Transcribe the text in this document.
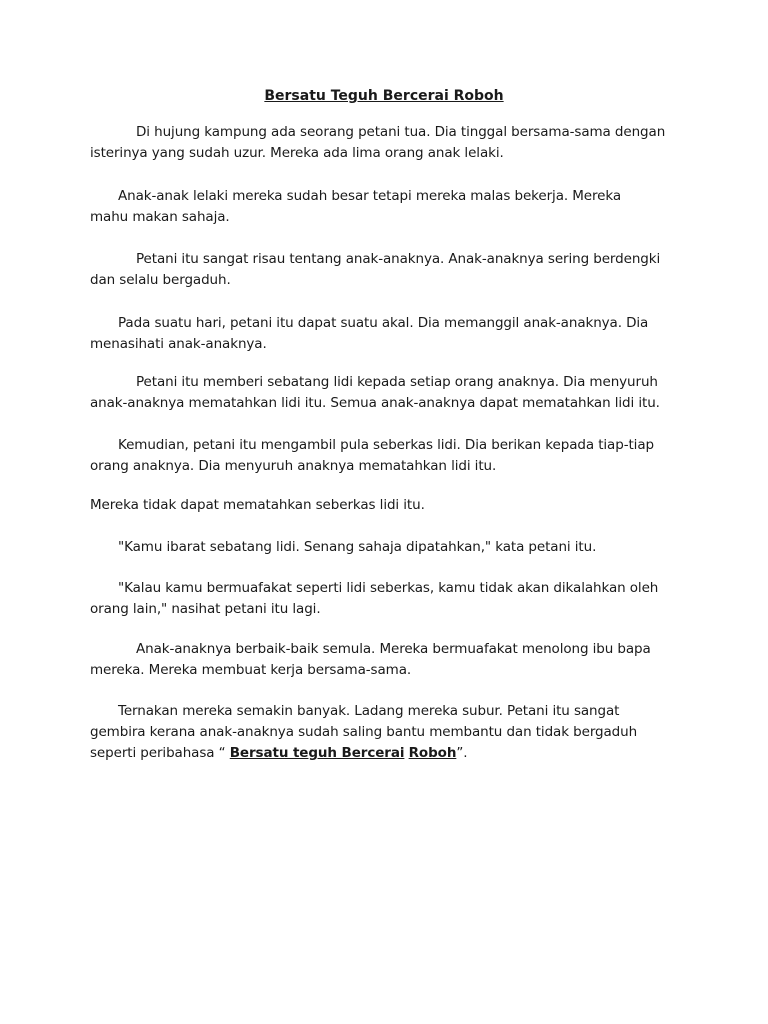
Bersatu Teguh Bercerai Roboh

Di hujung kampung ada seorang petani tua. Dia tinggal bersama-sama dengan
isterinya yang sudah uzur. Mereka ada lima orang anak lelaki.

Anak-anak lelaki mereka sudah besar tetapi mereka malas bekerja. Mereka
mahu makan sahaja.

Petani itu sangat risau tentang anak-anaknya. Anak-anaknya sering berdengki
dan selalu bergaduh.

Pada suatu hari, petani itu dapat suatu akal. Dia memanggil anak-anaknya. Dia
menasihati anak-anaknya.

Petani itu memberi sebatang lidi kepada setiap orang anaknya. Dia menyuruh
anak-anaknya mematahkan lidi itu. Semua anak-anaknya dapat mematahkan lidi itu.

Kemudian, petani itu mengambil pula seberkas lidi. Dia berikan kepada tiap-tiap
orang anaknya. Dia menyuruh anaknya mematahkan lidi itu.

Mereka tidak dapat mematahkan seberkas lidi itu.

"Kamu ibarat sebatang lidi. Senang sahaja dipatahkan," kata petani itu.

"Kalau kamu bermuafakat seperti lidi seberkas, kamu tidak akan dikalahkan oleh
orang lain," nasihat petani itu lagi.

Anak-anaknya berbaik-baik semula. Mereka bermuafakat menolong ibu bapa
mereka. Mereka membuat kerja bersama-sama.

Ternakan mereka semakin banyak. Ladang mereka subur. Petani itu sangat
gembira kerana anak-anaknya sudah saling bantu membantu dan tidak bergaduh
seperti peribahasa “ Bersatu teguh Bercerai Roboh”.
